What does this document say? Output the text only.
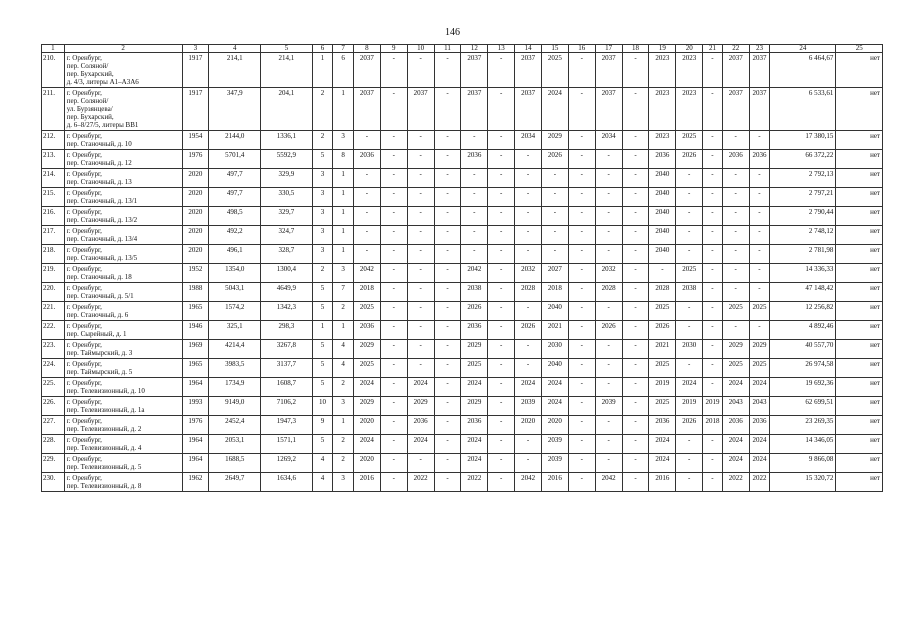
146
1	2	3	4	5	6	7	8	9	10	11	12	13	14	15	16	17	18	19	20	21	22	23	24	25
210.	г. Оренбург,
пер. Соляной/
пер. Бухарский,
д. 4/3, литеры А1–А3А6	1917	214,1	214,1	1	6	2037	-	-	-	2037	-	2037	2025	-	2037	-	2023	2023	-	2037	2037	6 464,67	нет
211.	г. Оренбург,
пер. Соляной/
ул. Бурзянцева/
пер. Бухарский,
д. 6–8/27/5, литеры ВВ1	1917	347,9	204,1	2	1	2037	-	2037	-	2037	-	2037	2024	-	2037	-	2023	2023	-	2037	2037	6 533,61	нет
212.	г. Оренбург,
пер. Станочный, д. 10	1954	2144,0	1336,1	2	3	-	-	-	-	-	-	2034	2029	-	2034	-	2023	2025	-	-	-	17 380,15	нет
213.	г. Оренбург,
пер. Станочный, д. 12	1976	5701,4	5592,9	5	8	2036	-	-	-	2036	-	-	2026	-	-	-	2036	2026	-	2036	2036	66 372,22	нет
214.	г. Оренбург,
пер. Станочный, д. 13	2020	497,7	329,9	3	1	-	-	-	-	-	-	-	-	-	-	-	2040	-	-	-	-	2 792,13	нет
215.	г. Оренбург,
пер. Станочный, д. 13/1	2020	497,7	330,5	3	1	-	-	-	-	-	-	-	-	-	-	-	2040	-	-	-	-	2 797,21	нет
216.	г. Оренбург,
пер. Станочный, д. 13/2	2020	498,5	329,7	3	1	-	-	-	-	-	-	-	-	-	-	-	2040	-	-	-	-	2 790,44	нет
217.	г. Оренбург,
пер. Станочный, д. 13/4	2020	492,2	324,7	3	1	-	-	-	-	-	-	-	-	-	-	-	2040	-	-	-	-	2 748,12	нет
218.	г. Оренбург,
пер. Станочный, д. 13/5	2020	496,1	328,7	3	1	-	-	-	-	-	-	-	-	-	-	-	2040	-	-	-	-	2 781,98	нет
219.	г. Оренбург,
пер. Станочный, д. 18	1952	1354,0	1300,4	2	3	2042	-	-	-	2042	-	2032	2027	-	2032	-	-	2025	-	-	-	14 336,33	нет
220.	г. Оренбург,
пер. Станочный, д. 5/1	1988	5043,1	4649,9	5	7	2018	-	-	-	2038	-	2028	2018	-	2028	-	2028	2038	-	-	-	47 148,42	нет
221.	г. Оренбург,
пер. Станочный, д. 6	1965	1574,2	1342,3	5	2	2025	-	-	-	2026	-	-	2040	-	-	-	2025	-	-	2025	2025	12 256,82	нет
222.	г. Оренбург,
пер. Сырейный, д. 1	1946	325,1	298,3	1	1	2036	-	-	-	2036	-	2026	2021	-	2026	-	2026	-	-	-	-	4 892,46	нет
223.	г. Оренбург,
пер. Таймырский, д. 3	1969	4214,4	3267,8	5	4	2029	-	-	-	2029	-	-	2030	-	-	-	2021	2030	-	2029	2029	40 557,70	нет
224.	г. Оренбург,
пер. Таймырский, д. 5	1965	3983,5	3137,7	5	4	2025	-	-	-	2025	-	-	2040	-	-	-	2025	-	-	2025	2025	26 974,58	нет
225.	г. Оренбург,
пер. Телевизионный, д. 10	1964	1734,9	1608,7	5	2	2024	-	2024	-	2024	-	2024	2024	-	-	-	2019	2024	-	2024	2024	19 692,36	нет
226.	г. Оренбург,
пер. Телевизионный, д. 1а	1993	9149,0	7106,2	10	3	2029	-	2029	-	2029	-	2039	2024	-	2039	-	2025	2019	2019	2043	2043	62 699,51	нет
227.	г. Оренбург,
пер. Телевизионный, д. 2	1976	2452,4	1947,3	9	1	2020	-	2036	-	2036	-	2020	2020	-	-	-	2036	2026	2018	2036	2036	23 269,35	нет
228.	г. Оренбург,
пер. Телевизионный, д. 4	1964	2053,1	1571,1	5	2	2024	-	2024	-	2024	-	-	2039	-	-	-	2024	-	-	2024	2024	14 346,05	нет
229.	г. Оренбург,
пер. Телевизионный, д. 5	1964	1688,5	1269,2	4	2	2020	-	-	-	2024	-	-	2039	-	-	-	2024	-	-	2024	2024	9 866,08	нет
230.	г. Оренбург,
пер. Телевизионный, д. 8	1962	2649,7	1634,6	4	3	2016	-	2022	-	2022	-	2042	2016	-	2042	-	2016	-	-	2022	2022	15 320,72	нет
